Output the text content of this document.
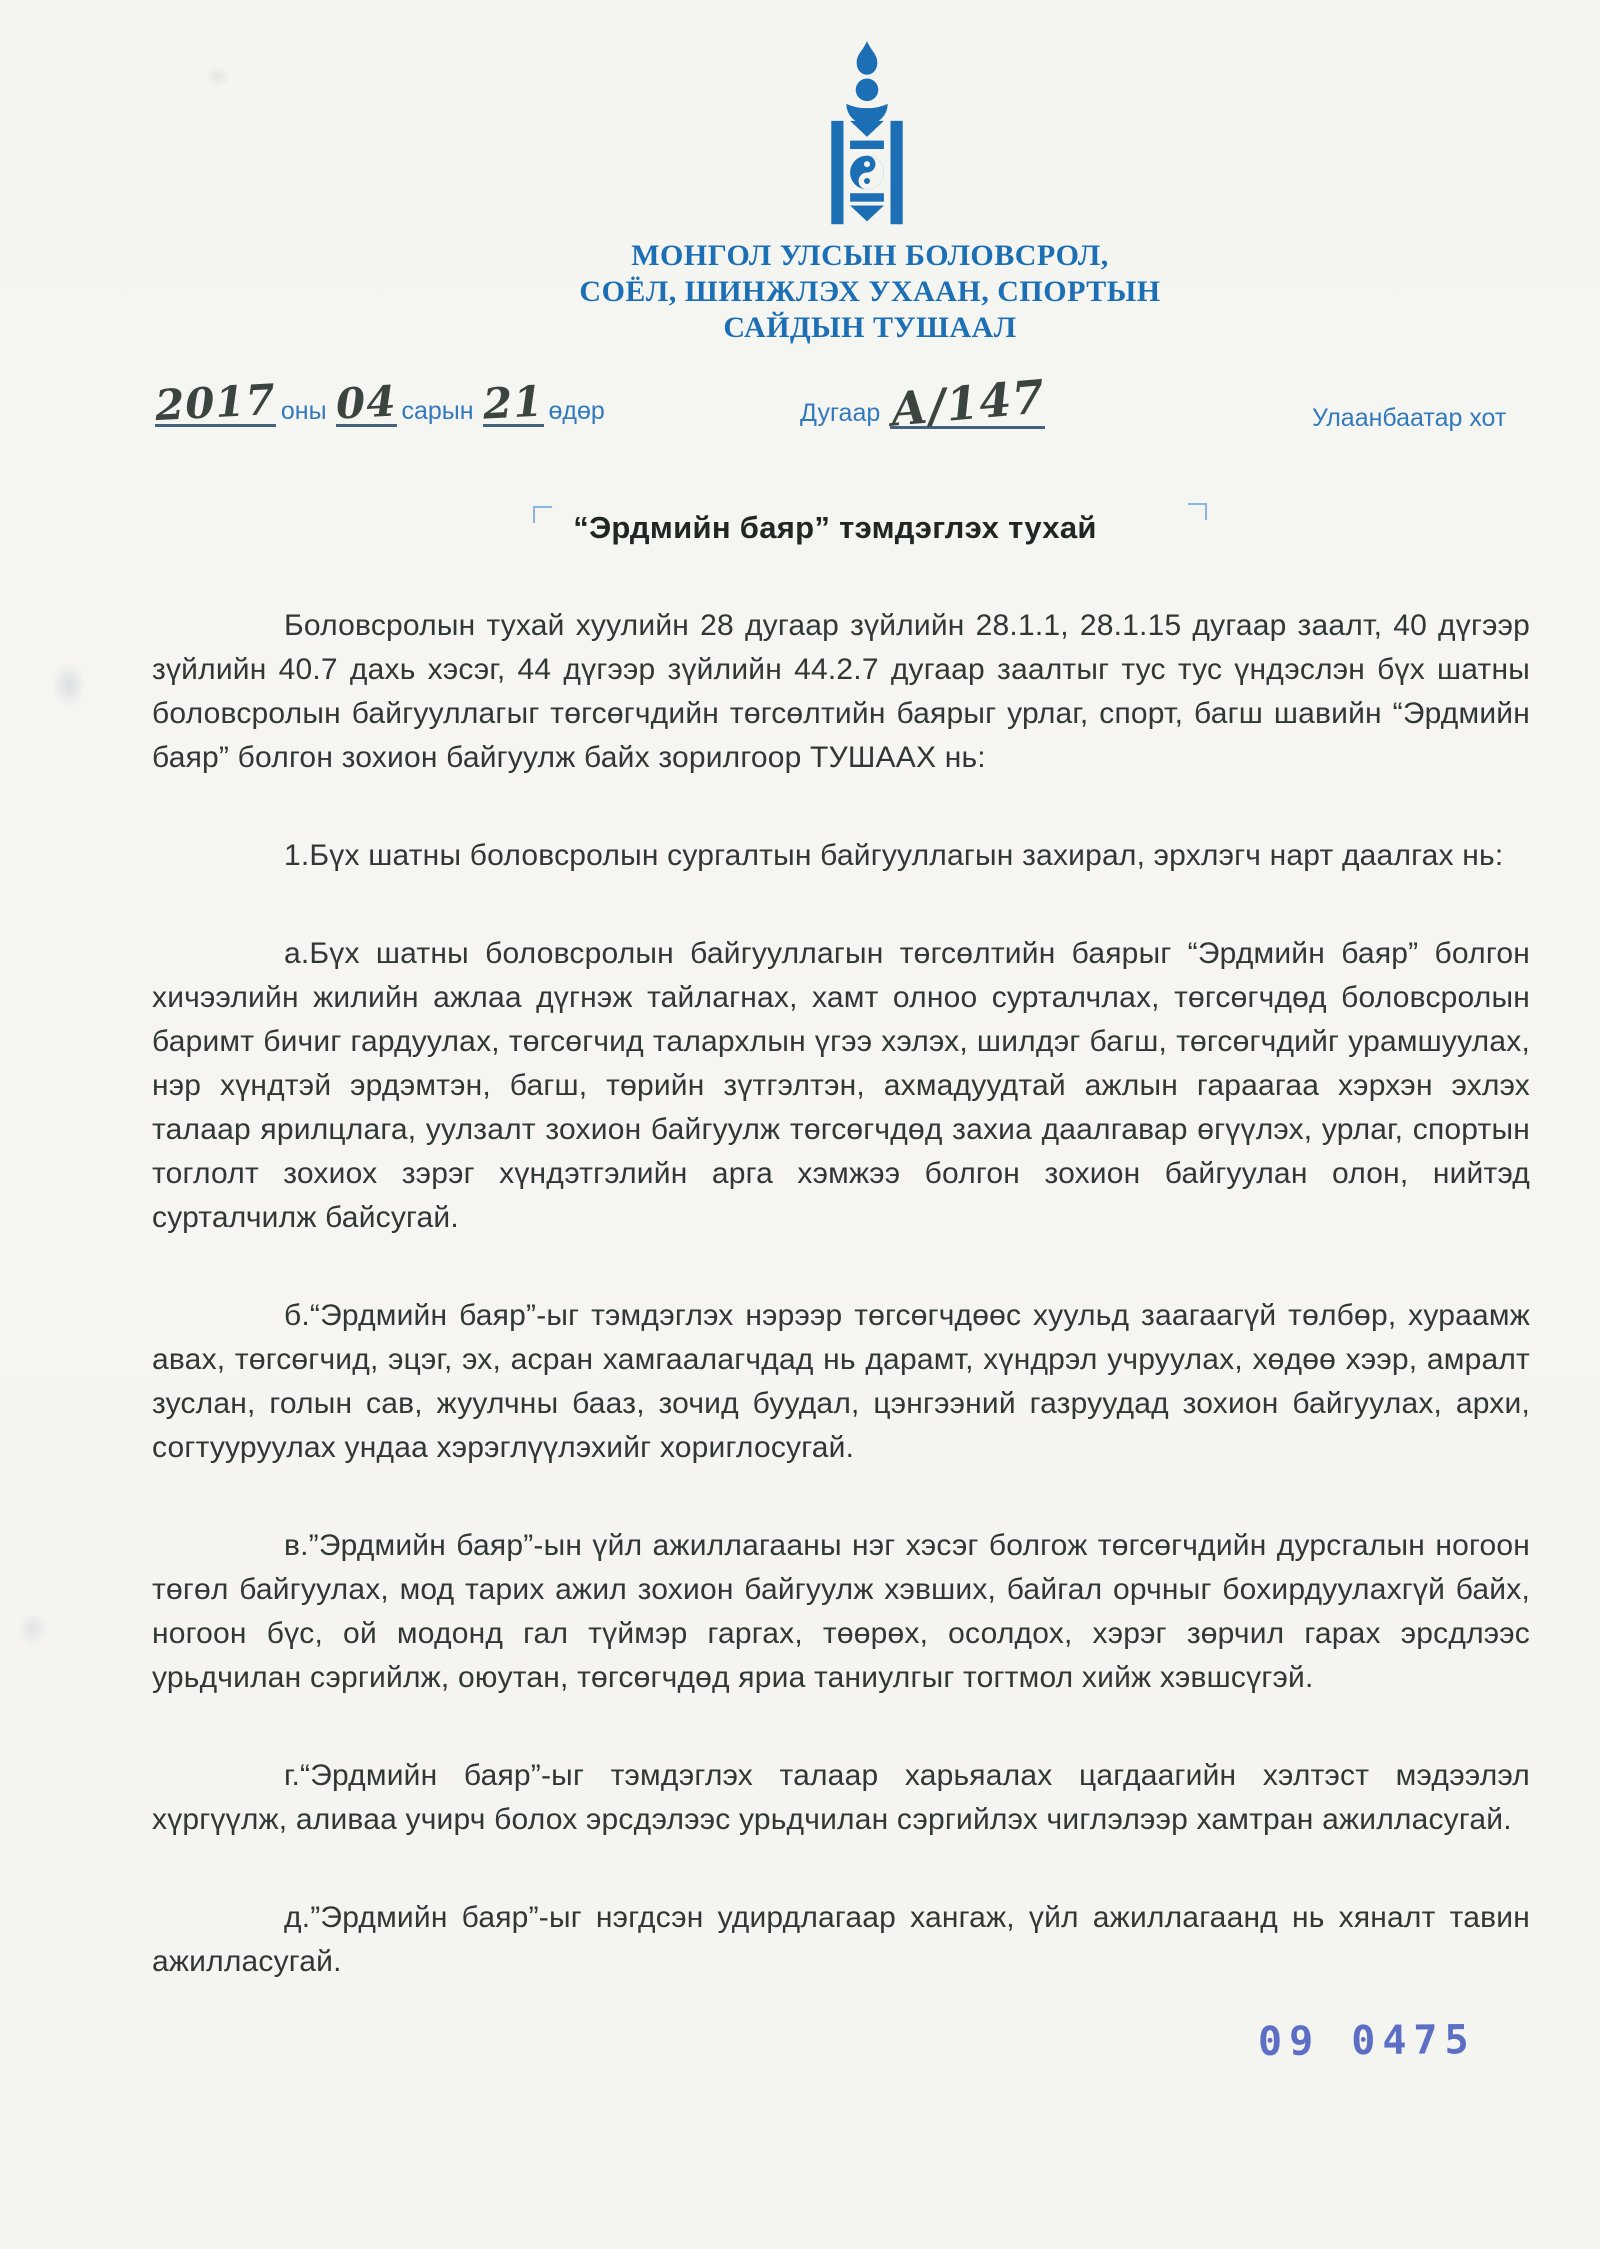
МОНГОЛ УЛСЫН БОЛОВСРОЛ,
СОЁЛ, ШИНЖЛЭХ УХААН, СПОРТЫН
САЙДЫН ТУШААЛ
2017 оны 04 сарын 21 өдөр	Дугаар А/147	Улаанбаатар хот
“Эрдмийн баяр” тэмдэглэх тухай

Боловсролын тухай хуулийн 28 дугаар зүйлийн 28.1.1, 28.1.15 дугаар заалт, 40 дүгээр зүйлийн 40.7 дахь хэсэг, 44 дүгээр зүйлийн 44.2.7 дугаар заалтыг тус тус үндэслэн бүх шатны боловсролын байгууллагыг төгсөгчдийн төгсөлтийн баярыг урлаг, спорт, багш шавийн “Эрдмийн баяр” болгон зохион байгуулж байх зорилгоор ТУШААХ нь:

1.Бүх шатны боловсролын сургалтын байгууллагын захирал, эрхлэгч нарт даалгах нь:

а.Бүх шатны боловсролын байгууллагын төгсөлтийн баярыг “Эрдмийн баяр” болгон хичээлийн жилийн ажлаа дүгнэж тайлагнах, хамт олноо сурталчлах, төгсөгчдөд боловсролын баримт бичиг гардуулах, төгсөгчид талархлын үгээ хэлэх, шилдэг багш, төгсөгчдийг урамшуулах, нэр хүндтэй эрдэмтэн, багш, төрийн зүтгэлтэн, ахмадуудтай ажлын гараагаа хэрхэн эхлэх талаар ярилцлага, уулзалт зохион байгуулж төгсөгчдөд захиа даалгавар өгүүлэх, урлаг, спортын тоглолт зохиох зэрэг хүндэтгэлийн арга хэмжээ болгон зохион байгуулан олон, нийтэд сурталчилж байсугай.

б.“Эрдмийн баяр”-ыг тэмдэглэх нэрээр төгсөгчдөөс хуульд заагаагүй төлбөр, хураамж авах, төгсөгчид, эцэг, эх, асран хамгаалагчдад нь дарамт, хүндрэл учруулах, хөдөө хээр, амралт зуслан, голын сав, жуулчны бааз, зочид буудал, цэнгээний газруудад зохион байгуулах, архи, согтууруулах ундаа хэрэглүүлэхийг хориглосугай.

в.”Эрдмийн баяр”-ын үйл ажиллагааны нэг хэсэг болгож төгсөгчдийн дурсгалын ногоон төгөл байгуулах, мод тарих ажил зохион байгуулж хэвших, байгал орчныг бохирдуулахгүй байх, ногоон бүс, ой модонд гал түймэр гаргах, төөрөх, осолдох, хэрэг зөрчил гарах эрсдлээс урьдчилан сэргийлж, оюутан, төгсөгчдөд яриа таниулгыг тогтмол хийж хэвшсүгэй.

г.“Эрдмийн баяр”-ыг тэмдэглэх талаар харьяалах цагдаагийн хэлтэст мэдээлэл хүргүүлж, аливаа учирч болох эрсдэлээс урьдчилан сэргийлэх чиглэлээр хамтран ажилласугай.

д.”Эрдмийн баяр”-ыг нэгдсэн удирдлагаар хангаж, үйл ажиллагаанд нь хяналт тавин ажилласугай.

09 0475
